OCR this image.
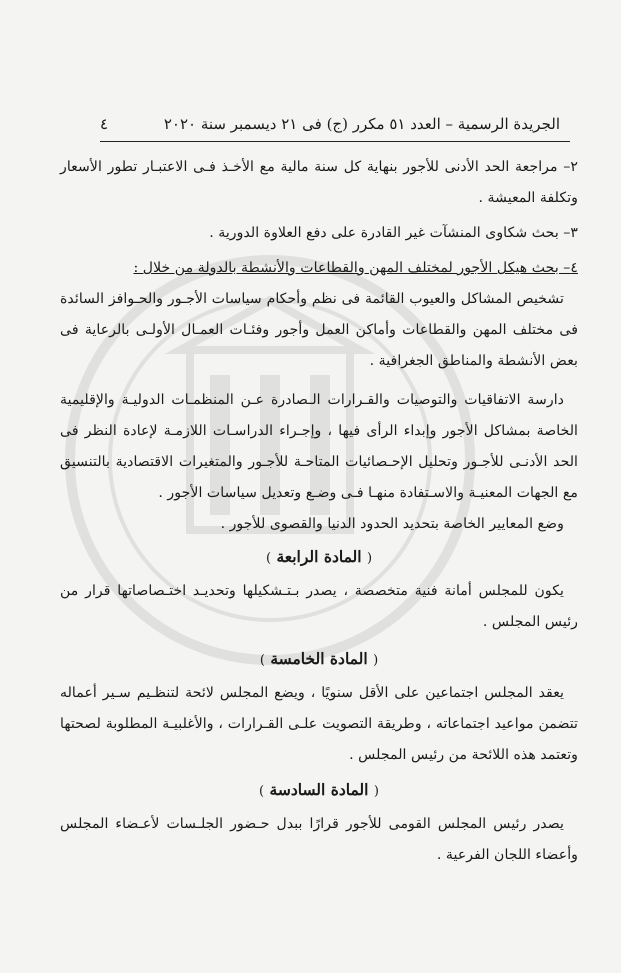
الجريدة الرسمية – العدد ٥١ مكرر (ج) فى ٢١ ديسمبر سنة ٢٠٢٠
٤

٢– مراجعة الحد الأدنى للأجور بنهاية كل سنة مالية مع الأخـذ فـى الاعتبـار تطور الأسعار وتكلفة المعيشة .

٣– بحث شكاوى المنشآت غير القادرة على دفع العلاوة الدورية .

٤– بحث هيكل الأجور لمختلف المهن والقطاعات والأنشطة بالدولة من خلال :

تشخيص المشاكل والعيوب القائمة فى نظم وأحكام سياسات الأجـور والحـوافز السائدة فى مختلف المهن والقطاعات وأماكن العمل وأجور وفئـات العمـال الأولـى بالرعاية فى بعض الأنشطة والمناطق الجغرافية .

دارسة الاتفاقيات والتوصيات والقـرارات الـصادرة عـن المنظمـات الدوليـة والإقليمية الخاصة بمشاكل الأجور وإبداء الرأى فيها ، وإجـراء الدراسـات اللازمـة لإعادة النظر فى الحد الأدنـى للأجـور وتحليل الإحـصائيات المتاحـة للأجـور والمتغيرات الاقتصادية بالتنسيق مع الجهات المعنيـة والاسـتفادة منهـا فـى وضـع وتعديل سياسات الأجور .

وضع المعايير الخاصة بتحديد الحدود الدنيا والقصوى للأجور .

( المادة الرابعة )

يكون للمجلس أمانة فنية متخصصة ، يصدر بـتـشكيلها وتحديـد اختـصاصاتها قرار من رئيس المجلس .

( المادة الخامسة )

يعقد المجلس اجتماعين على الأقل سنويًا ، ويضع المجلس لائحة لتنظـيم سـير أعماله تتضمن مواعيد اجتماعاته ، وطريقة التصويت علـى القـرارات ، والأغلبيـة المطلوبة لصحتها وتعتمد هذه اللائحة من رئيس المجلس .

( المادة السادسة )

يصدر رئيس المجلس القومى للأجور قرارًا ببدل حـضور الجلـسات لأعـضاء المجلس وأعضاء اللجان الفرعية .
